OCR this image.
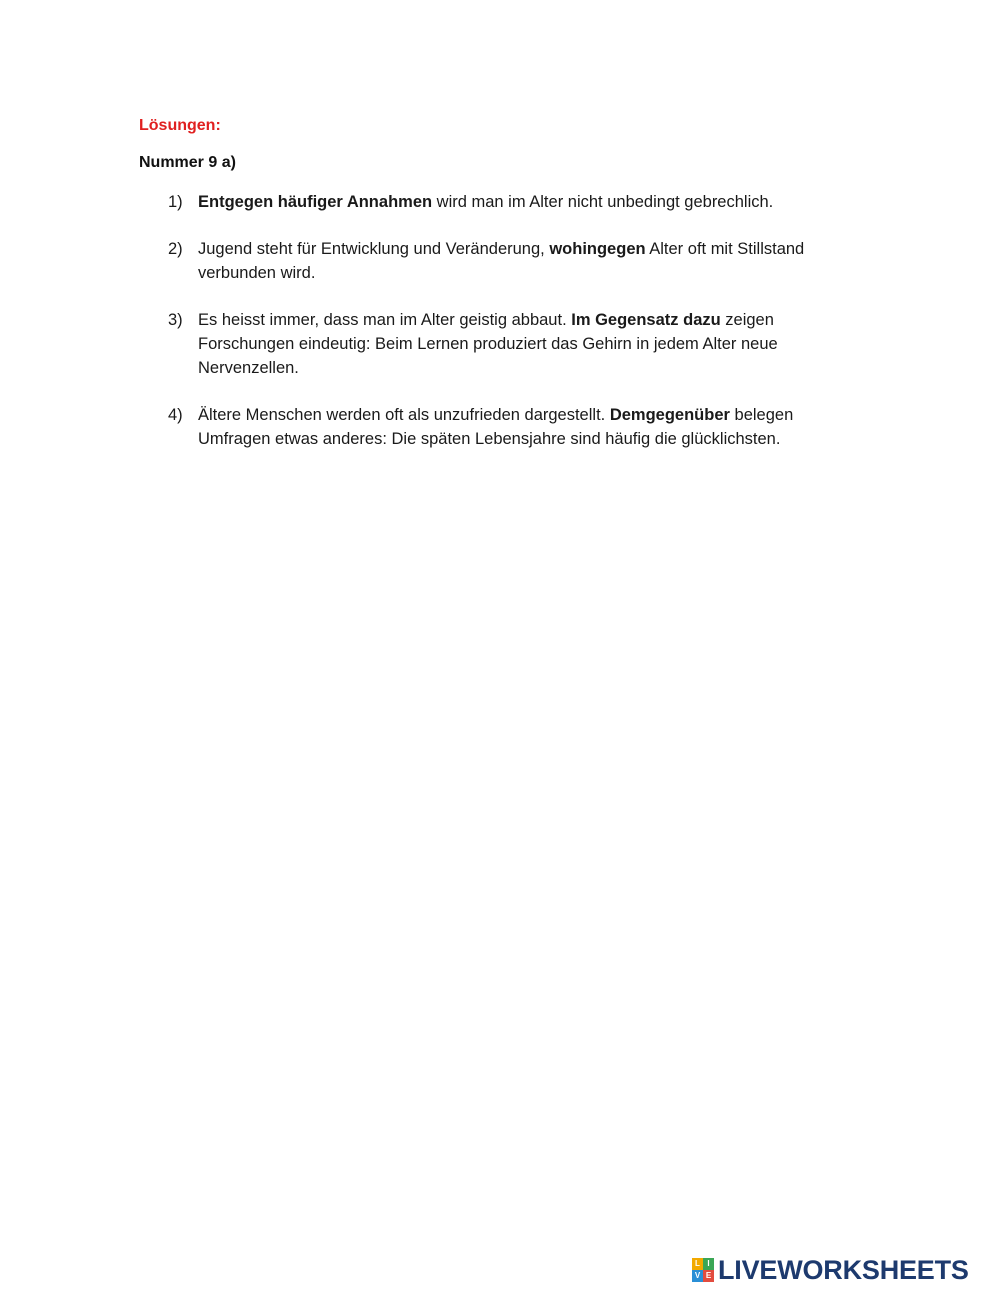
Lösungen:
Nummer 9 a)
1) Entgegen häufiger Annahmen wird man im Alter nicht unbedingt gebrechlich.
2) Jugend steht für Entwicklung und Veränderung, wohingegen Alter oft mit Stillstand verbunden wird.
3) Es heisst immer, dass man im Alter geistig abbaut. Im Gegensatz dazu zeigen Forschungen eindeutig: Beim Lernen produziert das Gehirn in jedem Alter neue Nervenzellen.
4) Ältere Menschen werden oft als unzufrieden dargestellt. Demgegenüber belegen Umfragen etwas anderes: Die späten Lebensjahre sind häufig die glücklichsten.
L I
V E LIVEWORKSHEETS
